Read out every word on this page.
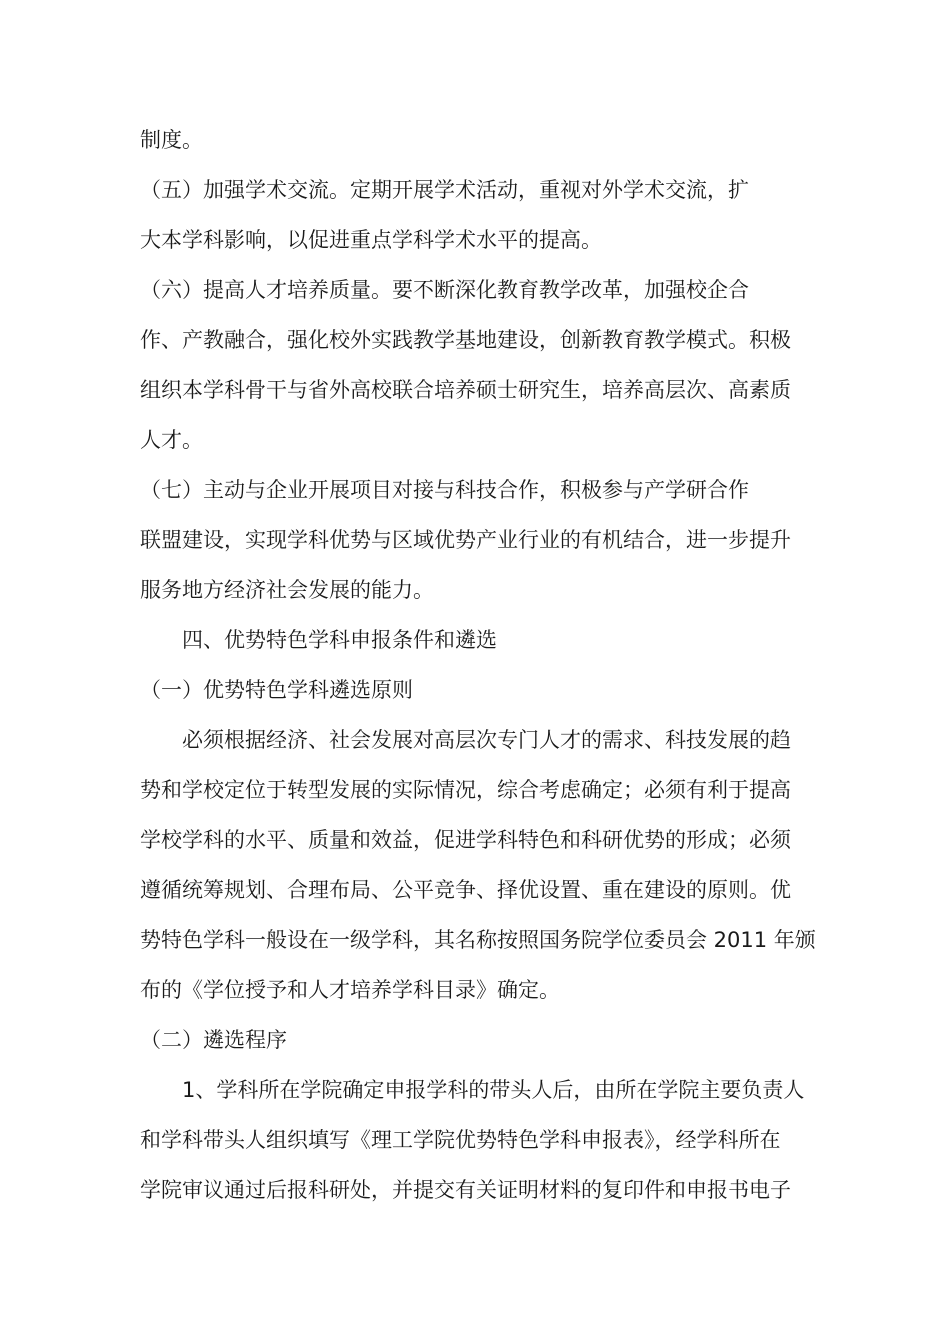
制度。
（五）加强学术交流。定期开展学术活动，重视对外学术交流，扩
大本学科影响，以促进重点学科学术水平的提高。
（六）提高人才培养质量。要不断深化教育教学改革，加强校企合
作、产教融合，强化校外实践教学基地建设，创新教育教学模式。积极
组织本学科骨干与省外高校联合培养硕士研究生，培养高层次、高素质
人才。
（七）主动与企业开展项目对接与科技合作，积极参与产学研合作
联盟建设，实现学科优势与区域优势产业行业的有机结合，进一步提升
服务地方经济社会发展的能力。
四、优势特色学科申报条件和遴选
（一）优势特色学科遴选原则
必须根据经济、社会发展对高层次专门人才的需求、科技发展的趋
势和学校定位于转型发展的实际情况，综合考虑确定；必须有利于提高
学校学科的水平、质量和效益，促进学科特色和科研优势的形成；必须
遵循统筹规划、合理布局、公平竞争、择优设置、重在建设的原则。优
势特色学科一般设在一级学科，其名称按照国务院学位委员会 2011 年颁
布的《学位授予和人才培养学科目录》确定。
（二）遴选程序
1、学科所在学院确定申报学科的带头人后，由所在学院主要负责人
和学科带头人组织填写《理工学院优势特色学科申报表》，经学科所在
学院审议通过后报科研处，并提交有关证明材料的复印件和申报书电子
